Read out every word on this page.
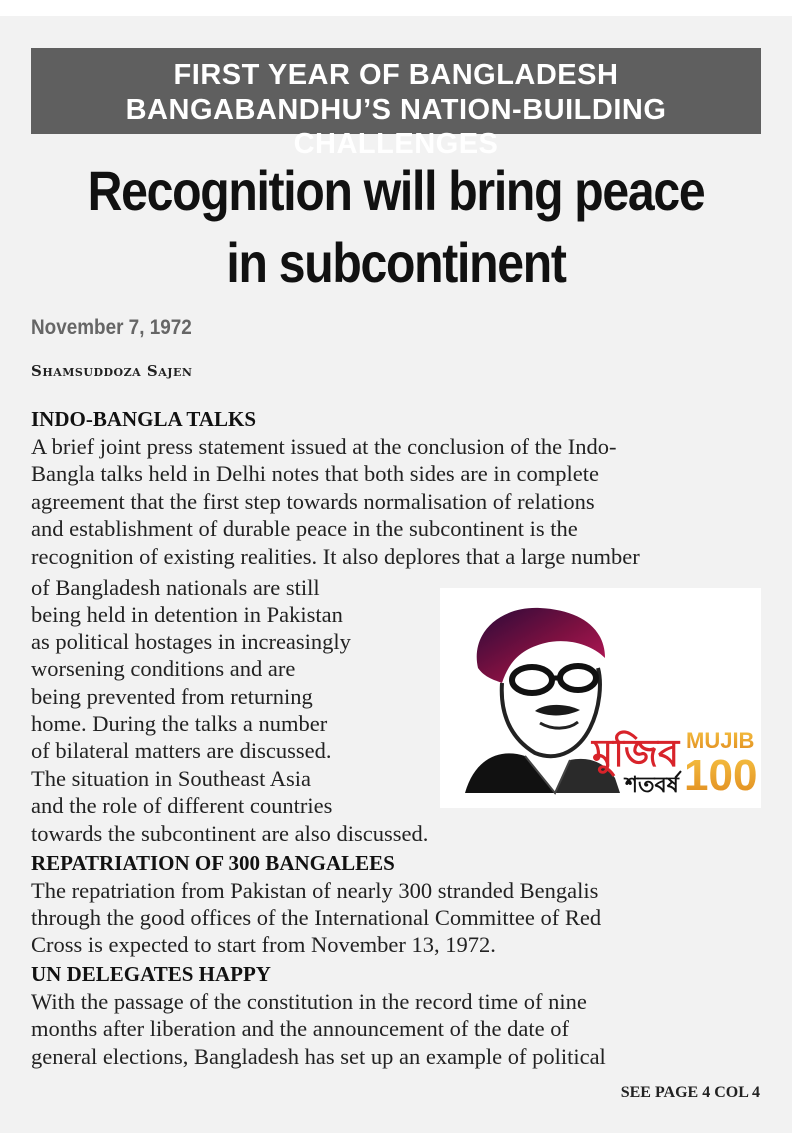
FIRST YEAR OF BANGLADESH
BANGABANDHU’S NATION-BUILDING CHALLENGES
Recognition will bring peace
in subcontinent
November 7, 1972
Shamsuddoza Sajen
INDO-BANGLA TALKS
A brief joint press statement issued at the conclusion of the Indo-
Bangla talks held in Delhi notes that both sides are in complete
agreement that the first step towards normalisation of relations
and establishment of durable peace in the subcontinent is the
recognition of existing realities. It also deplores that a large number
of Bangladesh nationals are still
being held in detention in Pakistan
as political hostages in increasingly
worsening conditions and are
being prevented from returning
home. During the talks a number
of bilateral matters are discussed.
The situation in Southeast Asia
and the role of different countries
towards the subcontinent are also discussed.
REPATRIATION OF 300 BANGALEES
The repatriation from Pakistan of nearly 300 stranded Bengalis
through the good offices of the International Committee of Red
Cross is expected to start from November 13, 1972.
UN DELEGATES HAPPY
With the passage of the constitution in the record time of nine
months after liberation and the announcement of the date of
general elections, Bangladesh has set up an example of political
মুজিব
শতবর্ষ
MUJIB
100
SEE PAGE 4 COL 4
